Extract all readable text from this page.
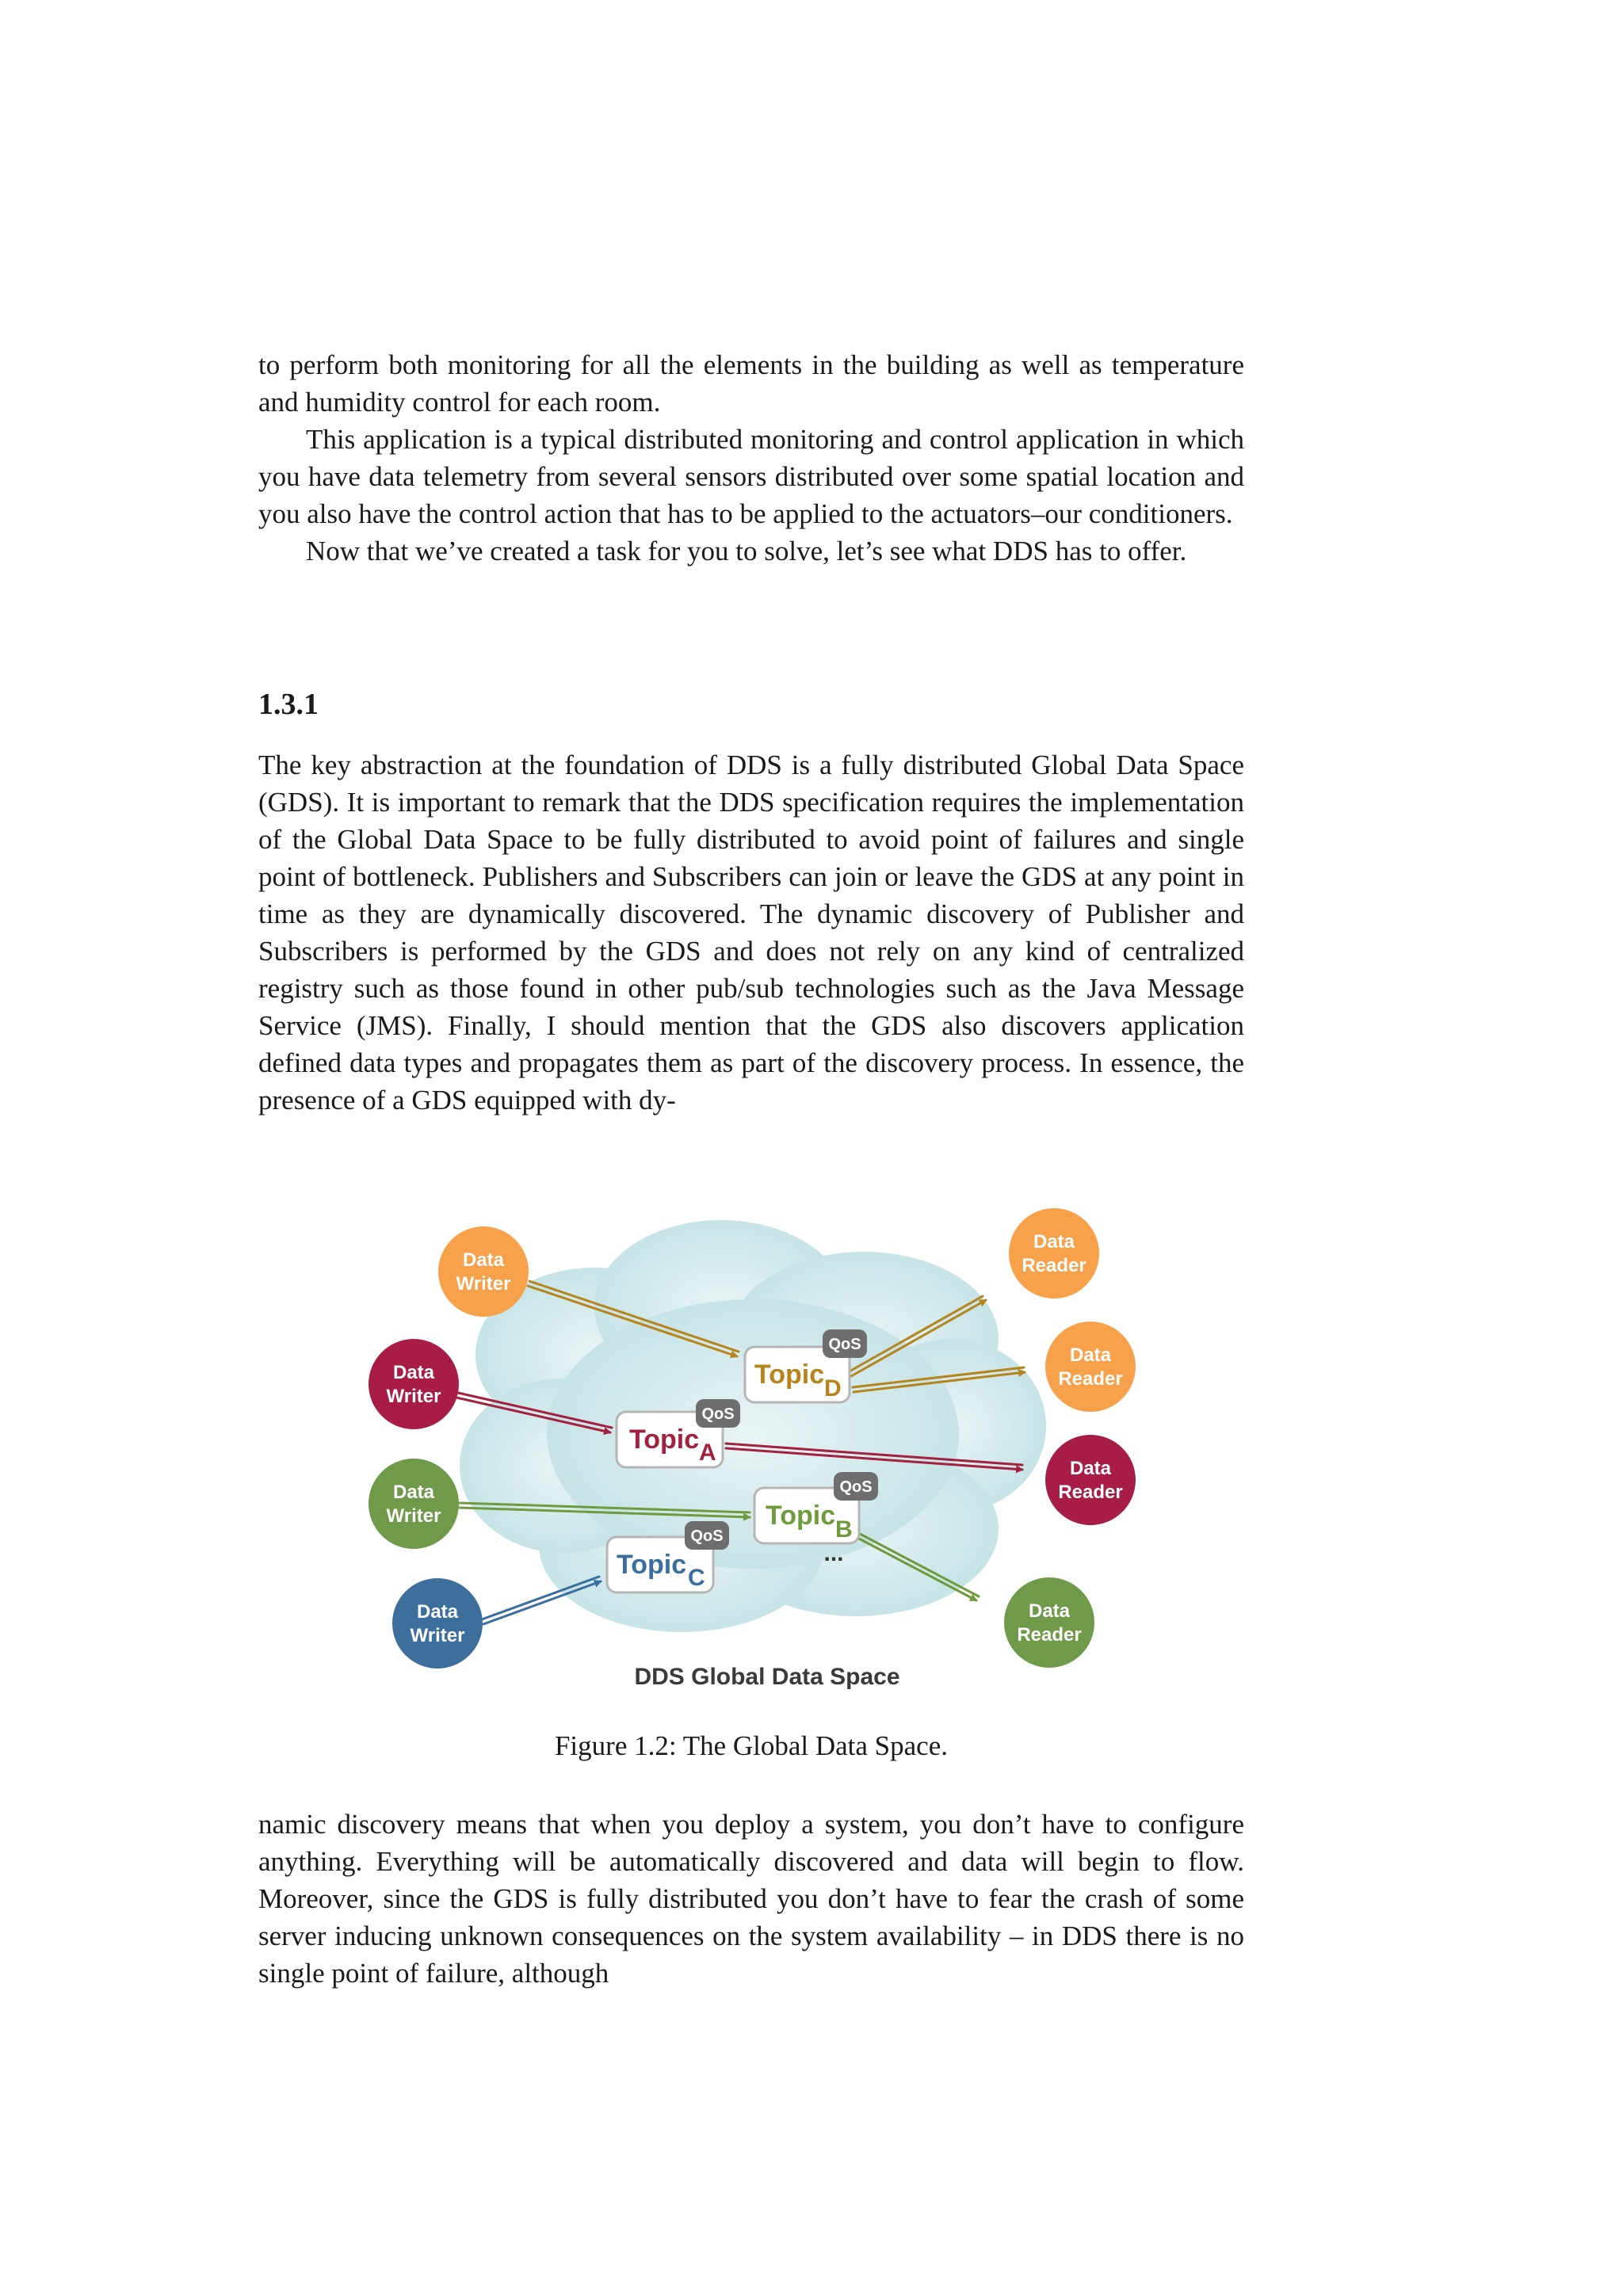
to perform both monitoring for all the elements in the building as well as temperature and humidity control for each room.

This application is a typical distributed monitoring and control application in which you have data telemetry from several sensors distributed over some spatial location and you also have the control action that has to be applied to the actuators–our conditioners.

Now that we’ve created a task for you to solve, let’s see what DDS has to offer.

1.3.1

The key abstraction at the foundation of DDS is a fully distributed Global Data Space (GDS). It is important to remark that the DDS specification requires the implementation of the Global Data Space to be fully distributed to avoid point of failures and single point of bottleneck. Publishers and Subscribers can join or leave the GDS at any point in time as they are dynamically discovered. The dynamic discovery of Publisher and Subscribers is performed by the GDS and does not rely on any kind of centralized registry such as those found in other pub/sub technologies such as the Java Message Service (JMS). Finally, I should mention that the GDS also discovers application defined data types and propagates them as part of the discovery process. In essence, the presence of a GDS equipped with dy-

Topic D
QoS
Topic A
QoS
Topic B
QoS
...
Topic C
QoS
Data
Writer
Data
Writer
Data
Writer
Data
Writer
Data
Reader
Data
Reader
Data
Reader
Data
Reader
DDS Global Data Space
Figure 1.2: The Global Data Space.

namic discovery means that when you deploy a system, you don’t have to configure anything. Everything will be automatically discovered and data will begin to flow. Moreover, since the GDS is fully distributed you don’t have to fear the crash of some server inducing unknown consequences on the system availability – in DDS there is no single point of failure, although
